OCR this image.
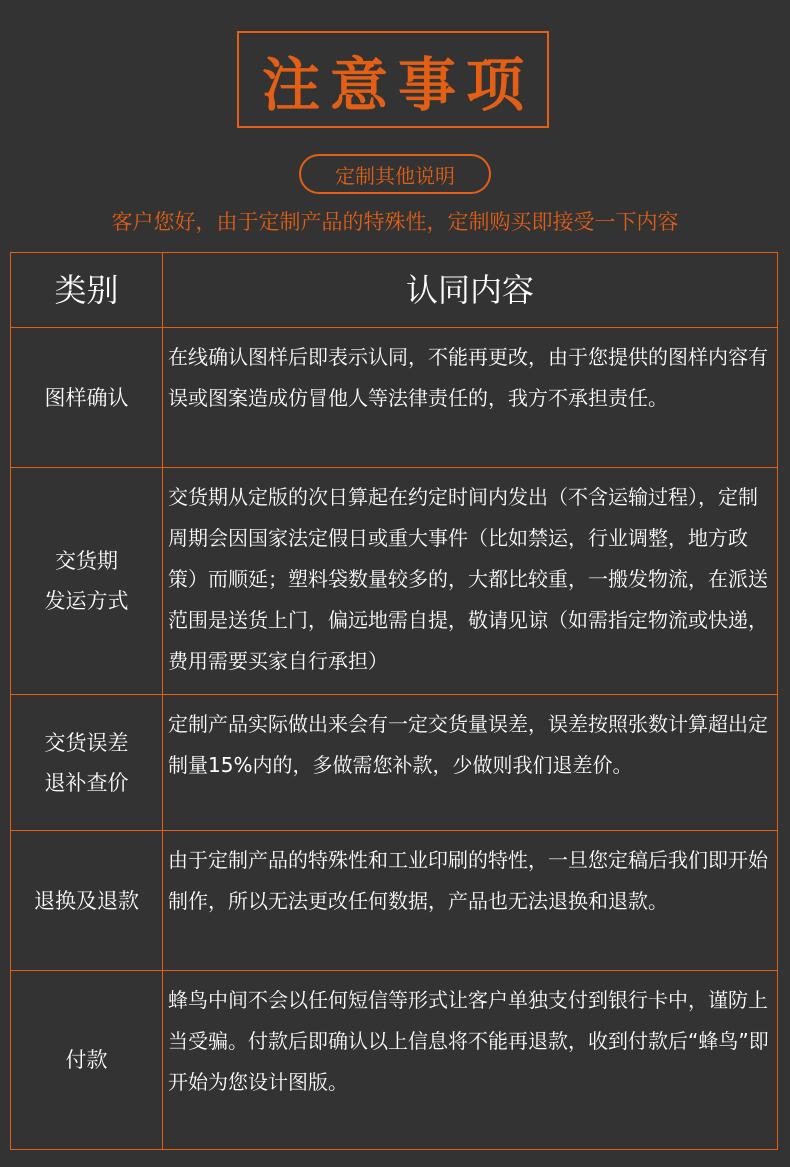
注意事项
定制其他说明
客户您好，由于定制产品的特殊性，定制购买即接受一下内容
类别	认同内容
图样确认
在线确认图样后即表示认同，不能再更改，由于您提供的图样内容有误或图案造成仿冒他人等法律责任的，我方不承担责任。
交货期
发运方式
交货期从定版的次日算起在约定时间内发出（不含运输过程），定制周期会因国家法定假日或重大事件（比如禁运，行业调整，地方政策）而顺延；塑料袋数量较多的，大都比较重，一搬发物流，在派送范围是送货上门，偏远地需自提，敬请见谅（如需指定物流或快递，费用需要买家自行承担）
交货误差
退补查价
定制产品实际做出来会有一定交货量误差，误差按照张数计算超出定制量15%内的，多做需您补款，少做则我们退差价。
退换及退款
由于定制产品的特殊性和工业印刷的特性，一旦您定稿后我们即开始制作，所以无法更改任何数据，产品也无法退换和退款。
付款
蜂鸟中间不会以任何短信等形式让客户单独支付到银行卡中，谨防上当受骗。付款后即确认以上信息将不能再退款，收到付款后“蜂鸟”即开始为您设计图版。
